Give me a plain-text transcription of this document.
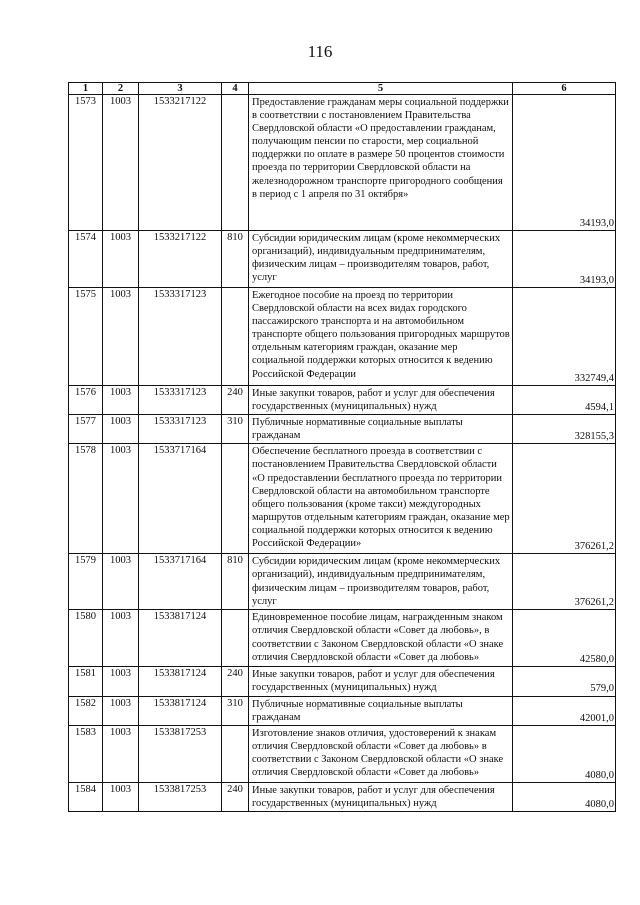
116
1	2	3	4	5	6
1573	1003	1533217122		Предоставление гражданам меры социальной поддержки в соответствии с постановлением Правительства Свердловской области «О предоставлении гражданам, получающим пенсии по старости, мер социальной поддержки по оплате в размере 50 процентов стоимости проезда по территории Свердловской области на железнодорожном транспорте пригородного сообщения в период с 1 апреля по 31 октября»	34193,0
1574	1003	1533217122	810	Субсидии юридическим лицам (кроме некоммерческих организаций), индивидуальным предпринимателям, физическим лицам – производителям товаров, работ, услуг	34193,0
1575	1003	1533317123		Ежегодное пособие на проезд по территории Свердловской области на всех видах городского пассажирского транспорта и на автомобильном транспорте общего пользования пригородных маршрутов отдельным категориям граждан, оказание мер социальной поддержки которых относится к ведению Российской Федерации	332749,4
1576	1003	1533317123	240	Иные закупки товаров, работ и услуг для обеспечения государственных (муниципальных) нужд	4594,1
1577	1003	1533317123	310	Публичные нормативные социальные выплаты гражданам	328155,3
1578	1003	1533717164		Обеспечение бесплатного проезда в соответствии с постановлением Правительства Свердловской области «О предоставлении бесплатного проезда по территории Свердловской области на автомобильном транспорте общего пользования (кроме такси) междугородных маршрутов отдельным категориям граждан, оказание мер социальной поддержки которых относится к ведению Российской Федерации»	376261,2
1579	1003	1533717164	810	Субсидии юридическим лицам (кроме некоммерческих организаций), индивидуальным предпринимателям, физическим лицам – производителям товаров, работ, услуг	376261,2
1580	1003	1533817124		Единовременное пособие лицам, награжденным знаком отличия Свердловской области «Совет да любовь», в соответствии с Законом Свердловской области «О знаке отличия Свердловской области «Совет да любовь»	42580,0
1581	1003	1533817124	240	Иные закупки товаров, работ и услуг для обеспечения государственных (муниципальных) нужд	579,0
1582	1003	1533817124	310	Публичные нормативные социальные выплаты гражданам	42001,0
1583	1003	1533817253		Изготовление знаков отличия, удостоверений к знакам отличия Свердловской области «Совет да любовь» в соответствии с Законом Свердловской области «О знаке отличия Свердловской области «Совет да любовь»	4080,0
1584	1003	1533817253	240	Иные закупки товаров, работ и услуг для обеспечения государственных (муниципальных) нужд	4080,0
